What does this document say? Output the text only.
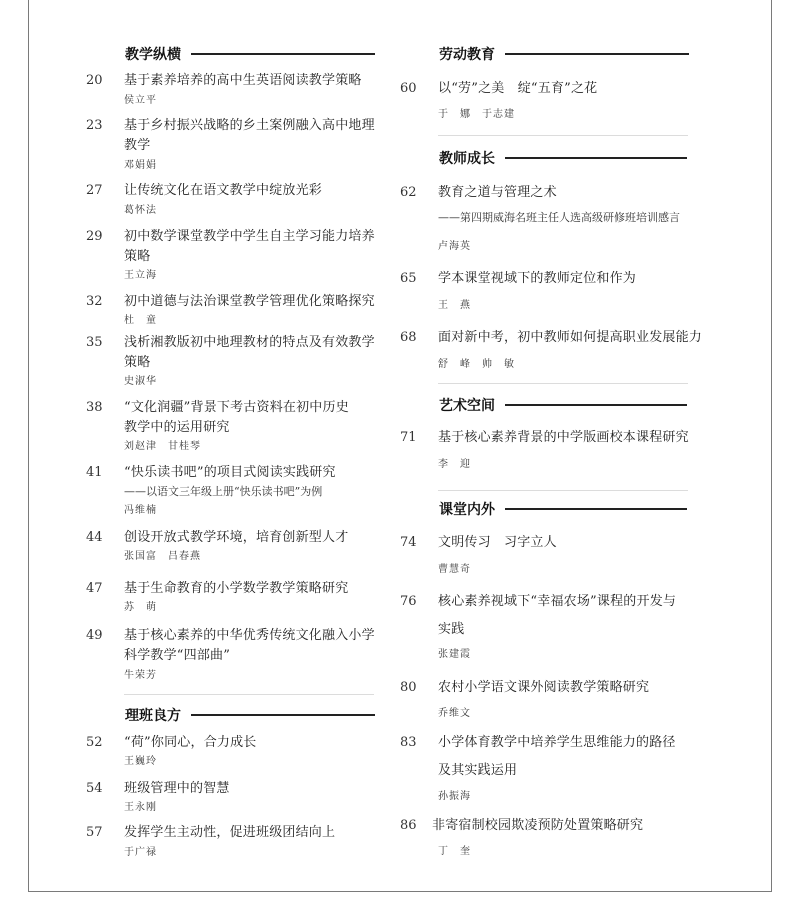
教学纵横
20 基于素养培养的高中生英语阅读教学策略
侯立平
23 基于乡村振兴战略的乡土案例融入高中地理
教学
邓娟娟
27 让传统文化在语文教学中绽放光彩
葛怀法
29 初中数学课堂教学中学生自主学习能力培养
策略
王立海
32 初中道德与法治课堂教学管理优化策略探究
杜　童
35 浅析湘教版初中地理教材的特点及有效教学
策略
史淑华
38 “文化润疆”背景下考古资料在初中历史
教学中的运用研究
刘赵津　甘桂琴
41 “快乐读书吧”的项目式阅读实践研究
——以语文三年级上册“快乐读书吧”为例
冯维楠
44 创设开放式教学环境，培育创新型人才
张国富　吕春燕
47 基于生命教育的小学数学教学策略研究
苏　萌
49 基于核心素养的中华优秀传统文化融入小学
科学教学“四部曲”
牛荣芳
理班良方
52 “荷”你同心，合力成长
王巍玲
54 班级管理中的智慧
王永刚
57 发挥学生主动性，促进班级团结向上
于广禄
劳动教育
60 以“劳”之美　绽“五育”之花
于　娜　于志建
教师成长
62 教育之道与管理之术
——第四期威海名班主任人选高级研修班培训感言
卢海英
65 学本课堂视域下的教师定位和作为
王　燕
68 面对新中考，初中教师如何提高职业发展能力
舒　峰　帅　敏
艺术空间
71 基于核心素养背景的中学版画校本课程研究
李　迎
课堂内外
74 文明传习　习字立人
曹慧奇
76 核心素养视域下“幸福农场”课程的开发与
实践
张建霞
80 农村小学语文课外阅读教学策略研究
乔维文
83 小学体育教学中培养学生思维能力的路径
及其实践运用
孙振海
86 非寄宿制校园欺凌预防处置策略研究
丁　奎
